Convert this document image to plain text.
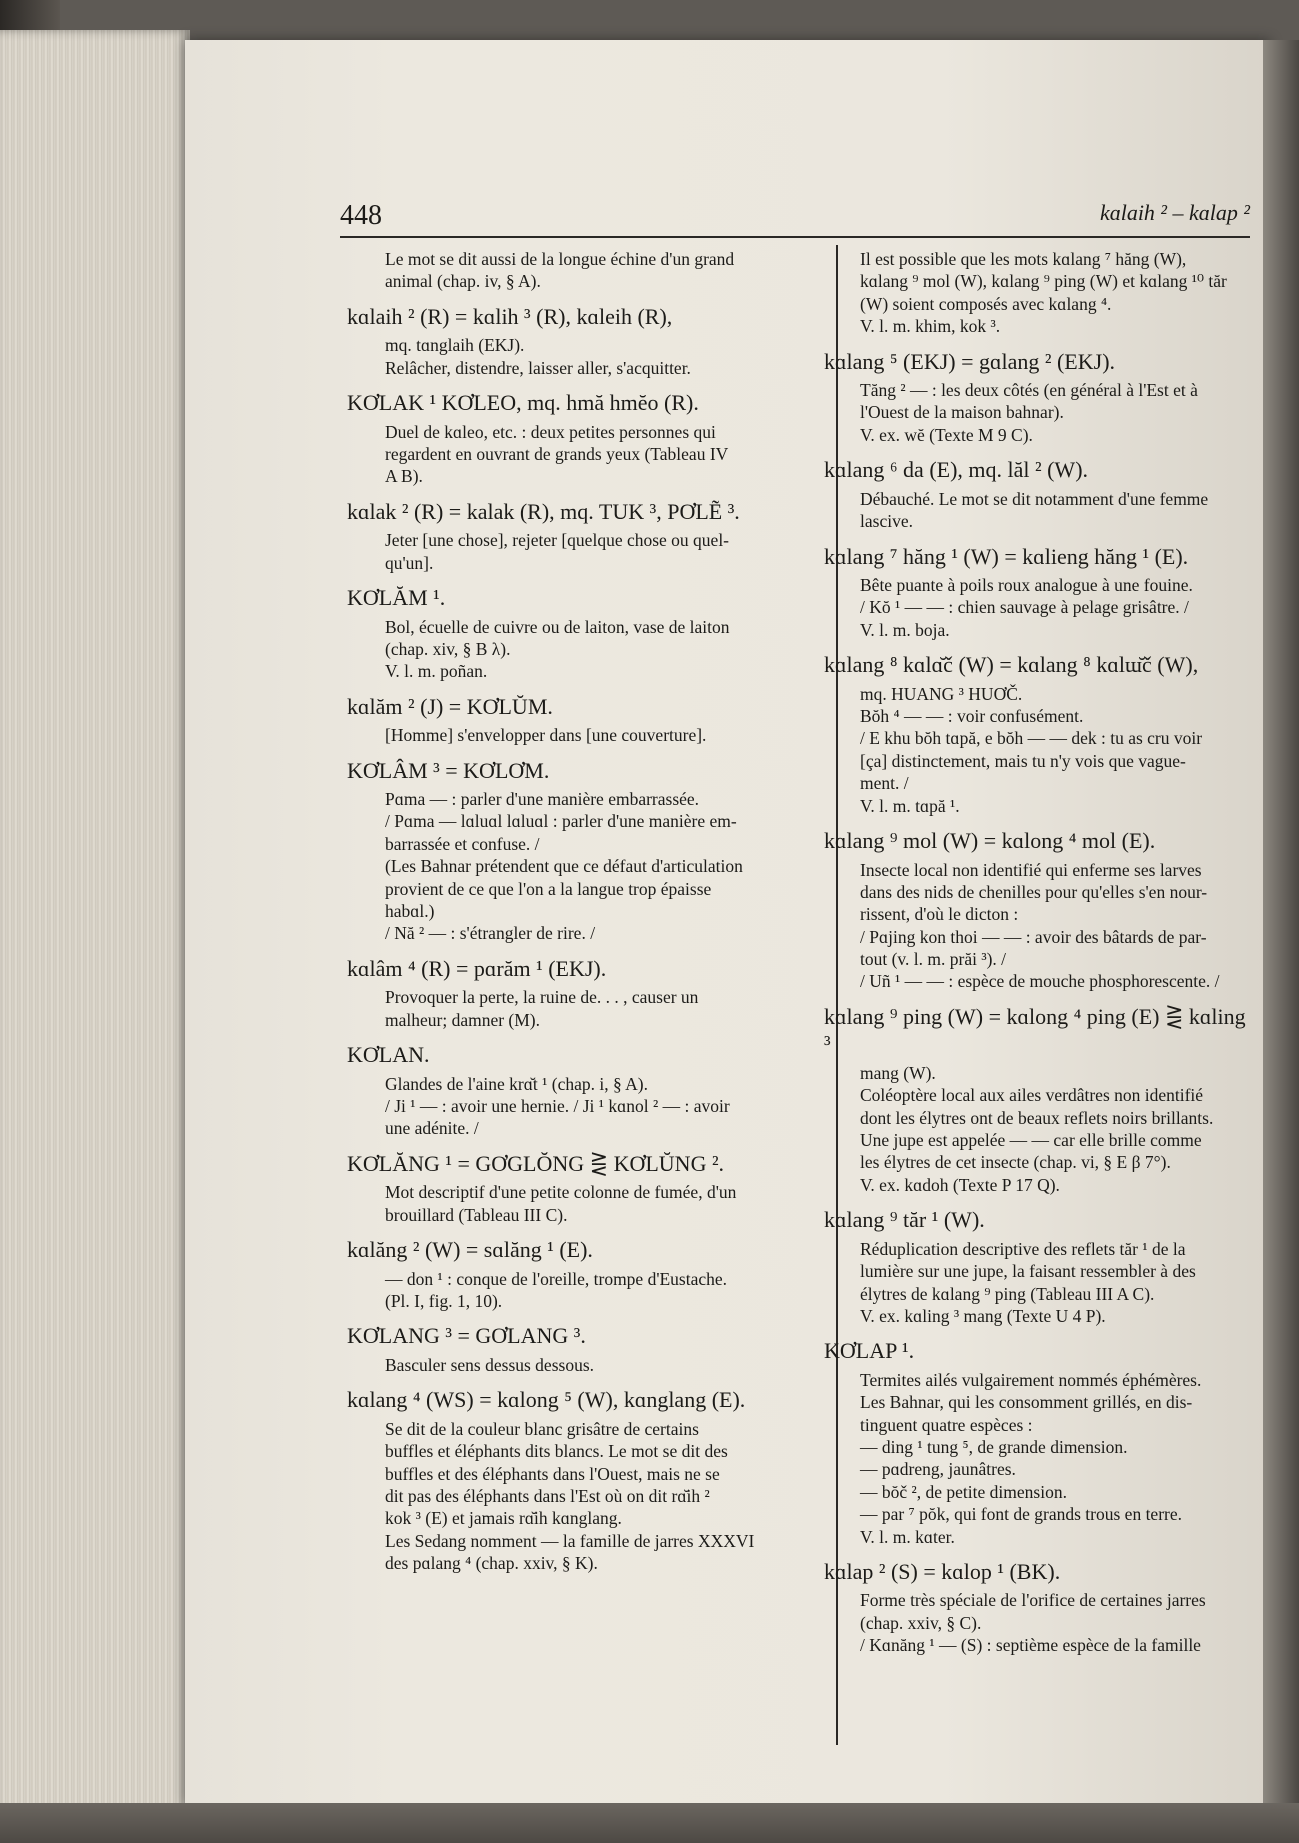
448	kɑlaih ² – kɑlap ²

Le mot se dit aussi de la longue échine d'un grand

animal (chap. iv, § A).

kɑlaih ² (R) = kɑlih ³ (R), kɑleih (R),

mq. tɑnglaih (EKJ).

Relâcher, distendre, laisser aller, s'acquitter.

KƠLAK ¹ KƠLEO, mq. hmă hmĕo (R).

Duel de kɑleo, etc. : deux petites personnes qui

regardent en ouvrant de grands yeux (Tableau IV

A B).

kɑlak ² (R) = kalak (R), mq. TUK ³, PƠLẼ ³.

Jeter [une chose], rejeter [quelque chose ou quel-

qu'un].

KƠLĂM ¹.

Bol, écuelle de cuivre ou de laiton, vase de laiton

(chap. xiv, § B λ).

V. l. m. poñan.

kɑlăm ² (J) = KƠLŬM.

[Homme] s'envelopper dans [une couverture].

KƠLÂM ³ = KƠLƠM.

Pɑma — : parler d'une manière embarrassée.

/ Pɑma — lɑluɑl lɑluɑl : parler d'une manière em-

barrassée et confuse. /

(Les Bahnar prétendent que ce défaut d'articulation

provient de ce que l'on a la langue trop épaisse

habɑl.)

/ Nă ² — : s'étrangler de rire. /

kɑlâm ⁴ (R) = pɑrăm ¹ (EKJ).

Provoquer la perte, la ruine de. . . , causer un

malheur; damner (M).

KƠLAN.

Glandes de l'aine krɑ̆t ¹ (chap. i, § A).

/ Ji ¹ — : avoir une hernie. / Ji ¹ kɑnol ² — : avoir

une adénite. /

KƠLĂNG ¹ = GƠGLŎNG ⋛ KƠLŬNG ².

Mot descriptif d'une petite colonne de fumée, d'un

brouillard (Tableau III C).

kɑlăng ² (W) = sɑlăng ¹ (E).

— don ¹ : conque de l'oreille, trompe d'Eustache.

(Pl. I, fig. 1, 10).

KƠLANG ³ = GƠLANG ³.

Basculer sens dessus dessous.

kɑlang ⁴ (WS) = kɑlong ⁵ (W), kɑnglang (E).

Se dit de la couleur blanc grisâtre de certains

buffles et éléphants dits blancs. Le mot se dit des

buffles et des éléphants dans l'Ouest, mais ne se

dit pas des éléphants dans l'Est où on dit rɑ̆ih ²

kok ³ (E) et jamais rɑ̆ih kɑnglang.

Les Sedang nomment — la famille de jarres XXXVI

des pɑlang ⁴ (chap. xxiv, § K).

Il est possible que les mots kɑlang ⁷ hăng (W),

kɑlang ⁹ mol (W), kɑlang ⁹ ping (W) et kɑlang ¹⁰ tăr

(W) soient composés avec kɑlang ⁴.

V. l. m. khim, kok ³.

kɑlang ⁵ (EKJ) = gɑlang ² (EKJ).

Tăng ² — : les deux côtés (en général à l'Est et à

l'Ouest de la maison bahnar).

V. ex. wĕ (Texte M 9 C).

kɑlang ⁶ da (E), mq. lăl ² (W).

Débauché. Le mot se dit notamment d'une femme

lascive.

kɑlang ⁷ hăng ¹ (W) = kɑlieng hăng ¹ (E).

Bête puante à poils roux analogue à une fouine.

/ Kŏ ¹ — — : chien sauvage à pelage grisâtre. /

V. l. m. boja.

kɑlang ⁸ kɑlɑ̆č (W) = kɑlang ⁸ kɑlɯ̆č (W),

mq. HUANG ³ HUƠČ.

Bŏh ⁴ — — : voir confusément.

/ E khu bŏh tɑpă, e bŏh — — dek : tu as cru voir

[ça] distinctement, mais tu n'y vois que vague-

ment. /

V. l. m. tɑpă ¹.

kɑlang ⁹ mol (W) = kɑlong ⁴ mol (E).

Insecte local non identifié qui enferme ses larves

dans des nids de chenilles pour qu'elles s'en nour-

rissent, d'où le dicton :

/ Pɑjing kon thoi — — : avoir des bâtards de par-

tout (v. l. m. prăi ³). /

/ Uñ ¹ — — : espèce de mouche phosphorescente. /

kɑlang ⁹ ping (W) = kɑlong ⁴ ping (E) ⋛ kɑling ³

mang (W).

Coléoptère local aux ailes verdâtres non identifié

dont les élytres ont de beaux reflets noirs brillants.

Une jupe est appelée — — car elle brille comme

les élytres de cet insecte (chap. vi, § E β 7°).

V. ex. kɑdoh (Texte P 17 Q).

kɑlang ⁹ tăr ¹ (W).

Réduplication descriptive des reflets tăr ¹ de la

lumière sur une jupe, la faisant ressembler à des

élytres de kɑlang ⁹ ping (Tableau III A C).

V. ex. kɑling ³ mang (Texte U 4 P).

KƠLAP ¹.

Termites ailés vulgairement nommés éphémères.

Les Bahnar, qui les consomment grillés, en dis-

tinguent quatre espèces :

— ding ¹ tung ⁵, de grande dimension.

— pɑdreng, jaunâtres.

— bŏč ², de petite dimension.

— par ⁷ pŏk, qui font de grands trous en terre.

V. l. m. kɑter.

kɑlap ² (S) = kɑlop ¹ (BK).

Forme très spéciale de l'orifice de certaines jarres

(chap. xxiv, § C).

/ Kɑnăng ¹ — (S) : septième espèce de la famille
